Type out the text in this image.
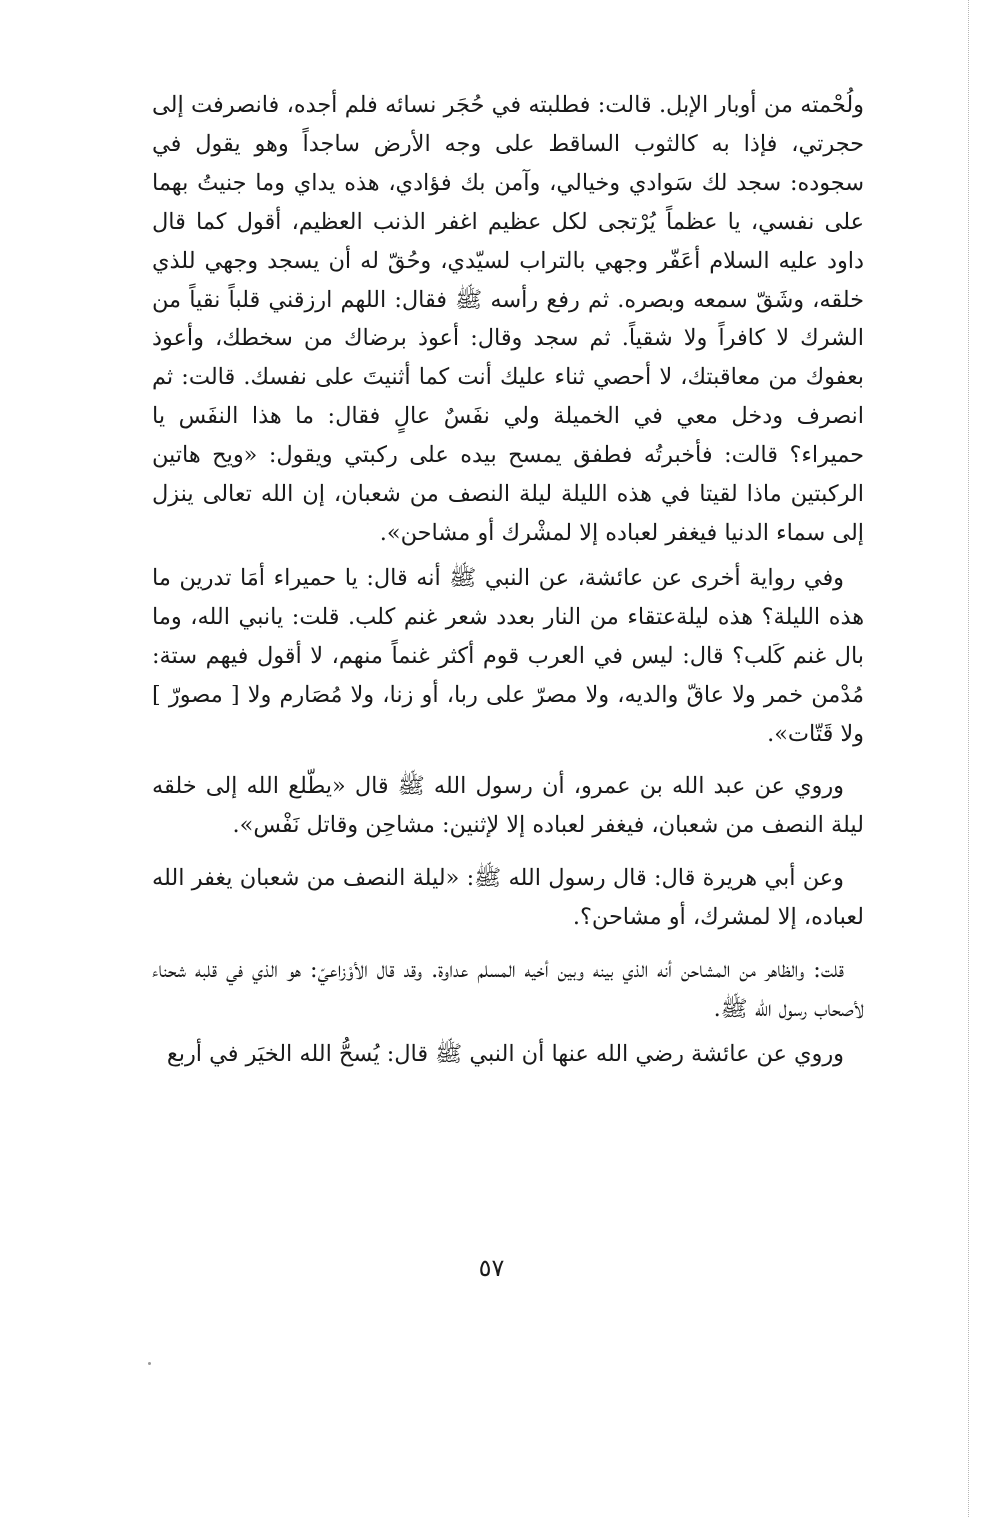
ولُحْمته من أوبار الإبل. قالت: فطلبته في حُجَر نسائه فلم أجده، فانصرفت إلى حجرتي، فإذا به كالثوب الساقط على وجه الأرض ساجداً وهو يقول في سجوده: سجد لك سَوادي وخيالي، وآمن بك فؤادي، هذه يداي وما جنيتُ بهما على نفسي، يا عظماً يُرْتجى لكل عظيم اغفر الذنب العظيم، أقول كما قال داود عليه السلام أعَفّر وجهي بالتراب لسيّدي، وحُقّ له أن يسجد وجهي للذي خلقه، وشَقّ سمعه وبصره. ثم رفع رأسه ﷺ فقال: اللهم ارزقني قلباً نقياً من الشرك لا كافراً ولا شقياً. ثم سجد وقال: أعوذ برضاك من سخطك، وأعوذ بعفوك من معاقبتك، لا أحصي ثناء عليك أنت كما أثنيتَ على نفسك. قالت: ثم انصرف ودخل معي في الخميلة ولي نفَسٌ عالٍ فقال: ما هذا النفَس يا حميراء؟ قالت: فأخبرتُه فطفق يمسح بيده على ركبتي ويقول: «ويح هاتين الركبتين ماذا لقيتا في هذه الليلة ليلة النصف من شعبان، إن الله تعالى ينزل إلى سماء الدنيا فيغفر لعباده إلا لمشْرك أو مشاحن».

وفي رواية أخرى عن عائشة، عن النبي ﷺ أنه قال: يا حميراء أمَا تدرين ما هذه الليلة؟ هذه ليلةعتقاء من النار بعدد شعر غنم كلب. قلت: يانبي الله، وما بال غنم كَلب؟ قال: ليس في العرب قوم أكثر غنماً منهم، لا أقول فيهم ستة: مُدْمن خمر ولا عاقّ والديه، ولا مصرّ على ربا، أو زنا، ولا مُصَارم ولا [ مصورّ ] ولا قَتّات».

وروي عن عبد الله بن عمرو، أن رسول الله ﷺ قال «يطّلع الله إلى خلقه ليلة النصف من شعبان، فيغفر لعباده إلا لإثنين: مشاحِن وقاتل نَفْس».

وعن أبي هريرة قال: قال رسول الله ﷺ: «ليلة النصف من شعبان يغفر الله لعباده، إلا لمشرك، أو مشاحن؟.

قلت: والظاهر من المشاحن أنه الذي بينه وبين أخيه المسلم عداوة. وقد قال الأوْزاعيّ: هو الذي في قلبه شحناء لأصحاب رسول الله ﷺ.

وروي عن عائشة رضي الله عنها أن النبي ﷺ قال: يُسحُّ الله الخيَر في أربع

٥٧
